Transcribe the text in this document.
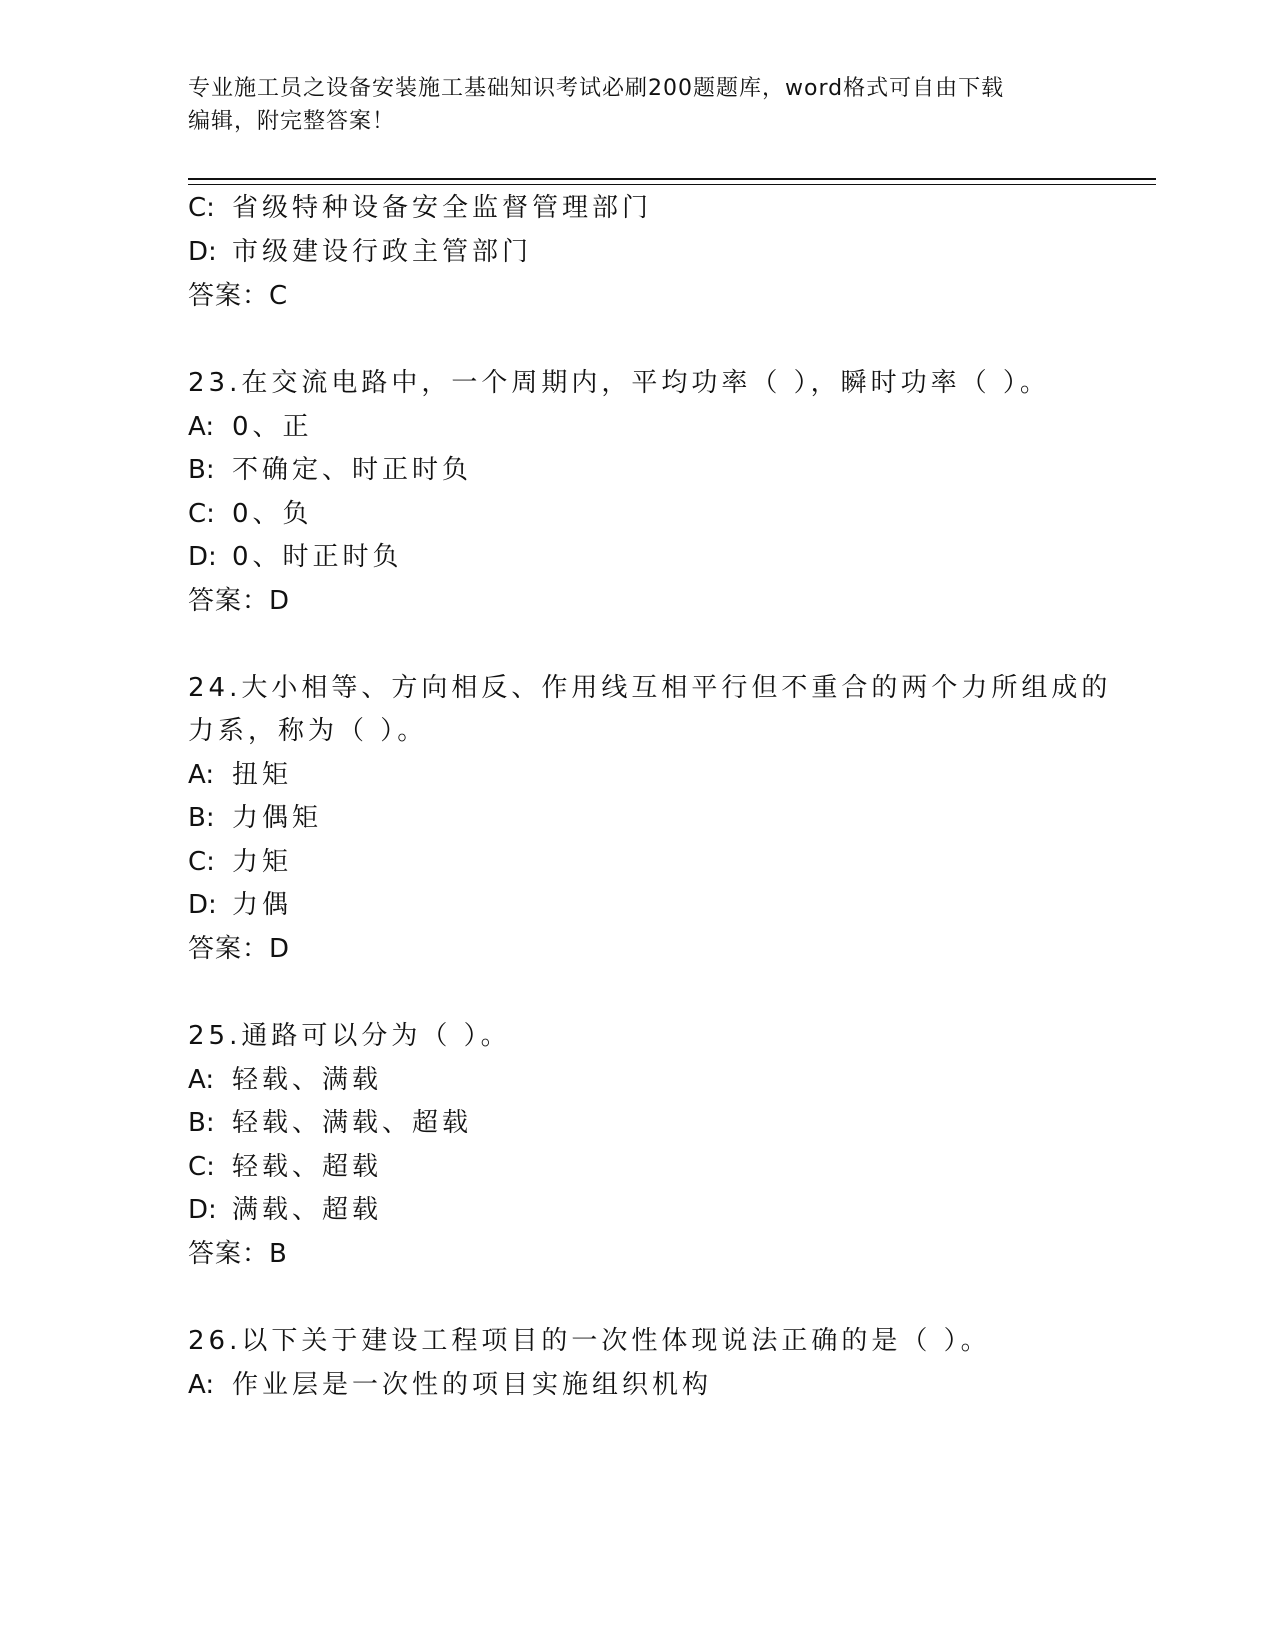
专业施工员之设备安装施工基础知识考试必刷200题题库，word格式可自由下载
编辑，附完整答案！
C: 省级特种设备安全监督管理部门
D: 市级建设行政主管部门
答案：C
23.在交流电路中，一个周期内，平均功率（ ），瞬时功率（ ）。
A: 0、正
B: 不确定、时正时负
C: 0、负
D: 0、时正时负
答案：D
24.大小相等、方向相反、作用线互相平行但不重合的两个力所组成的
力系，称为（ ）。
A: 扭矩
B: 力偶矩
C: 力矩
D: 力偶
答案：D
25.通路可以分为（ ）。
A: 轻载、满载
B: 轻载、满载、超载
C: 轻载、超载
D: 满载、超载
答案：B
26.以下关于建设工程项目的一次性体现说法正确的是（ ）。
A: 作业层是一次性的项目实施组织机构
